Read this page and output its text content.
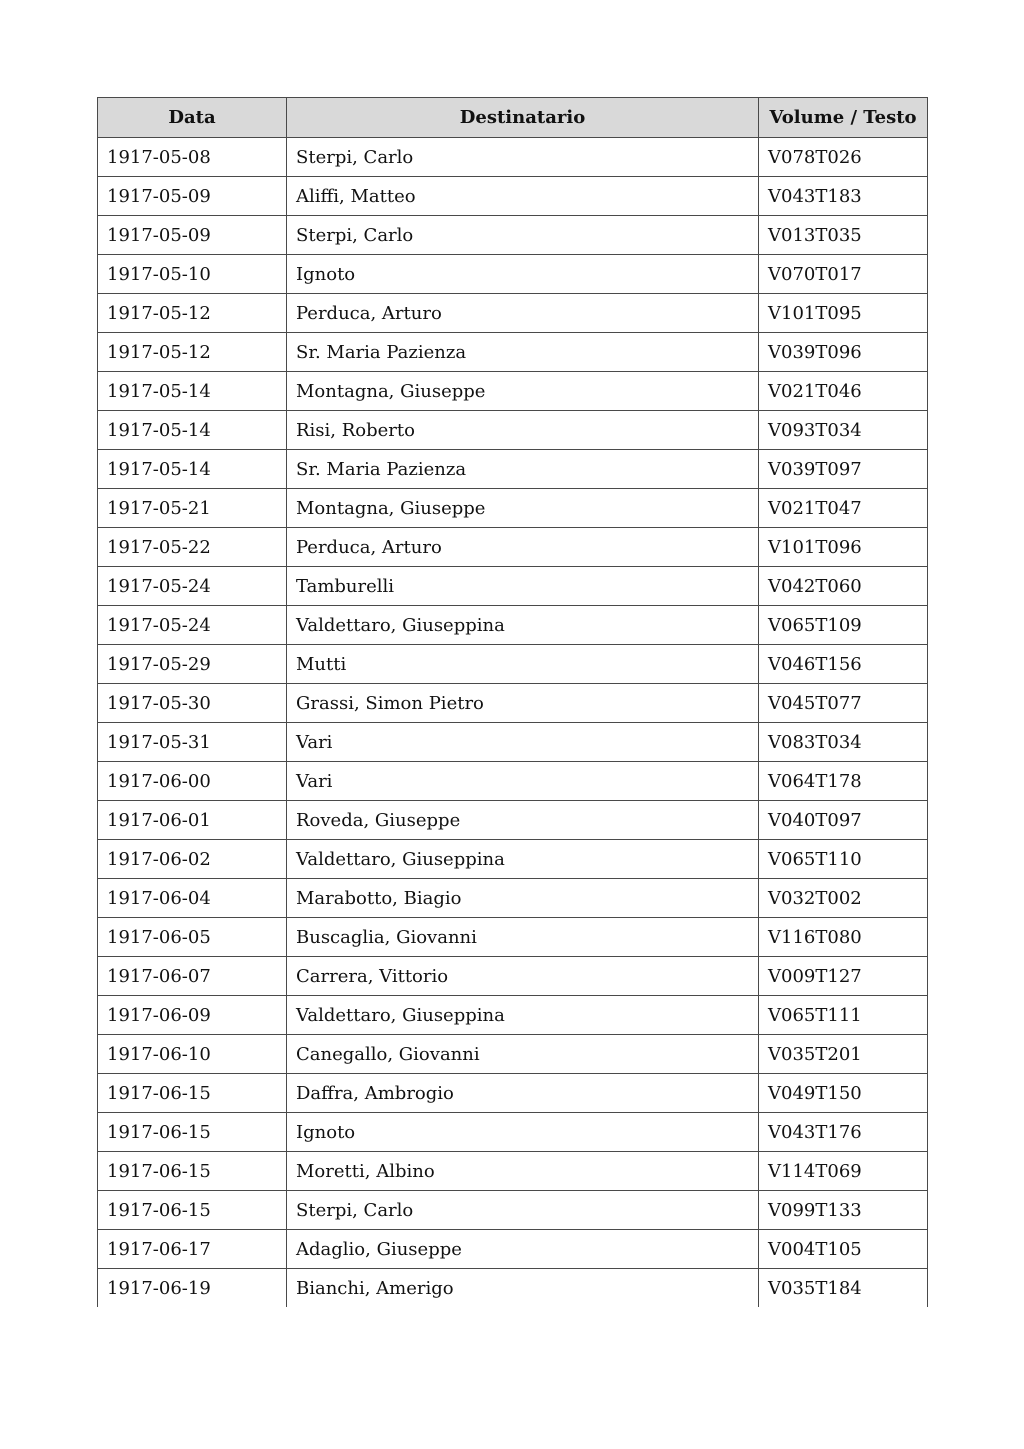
Data	Destinatario	Volume / Testo
1917-05-08	Sterpi, Carlo	V078T026
1917-05-09	Aliffi, Matteo	V043T183
1917-05-09	Sterpi, Carlo	V013T035
1917-05-10	Ignoto	V070T017
1917-05-12	Perduca, Arturo	V101T095
1917-05-12	Sr. Maria Pazienza	V039T096
1917-05-14	Montagna, Giuseppe	V021T046
1917-05-14	Risi, Roberto	V093T034
1917-05-14	Sr. Maria Pazienza	V039T097
1917-05-21	Montagna, Giuseppe	V021T047
1917-05-22	Perduca, Arturo	V101T096
1917-05-24	Tamburelli	V042T060
1917-05-24	Valdettaro, Giuseppina	V065T109
1917-05-29	Mutti	V046T156
1917-05-30	Grassi, Simon Pietro	V045T077
1917-05-31	Vari	V083T034
1917-06-00	Vari	V064T178
1917-06-01	Roveda, Giuseppe	V040T097
1917-06-02	Valdettaro, Giuseppina	V065T110
1917-06-04	Marabotto, Biagio	V032T002
1917-06-05	Buscaglia, Giovanni	V116T080
1917-06-07	Carrera, Vittorio	V009T127
1917-06-09	Valdettaro, Giuseppina	V065T111
1917-06-10	Canegallo, Giovanni	V035T201
1917-06-15	Daffra, Ambrogio	V049T150
1917-06-15	Ignoto	V043T176
1917-06-15	Moretti, Albino	V114T069
1917-06-15	Sterpi, Carlo	V099T133
1917-06-17	Adaglio, Giuseppe	V004T105
1917-06-19	Bianchi, Amerigo	V035T184
